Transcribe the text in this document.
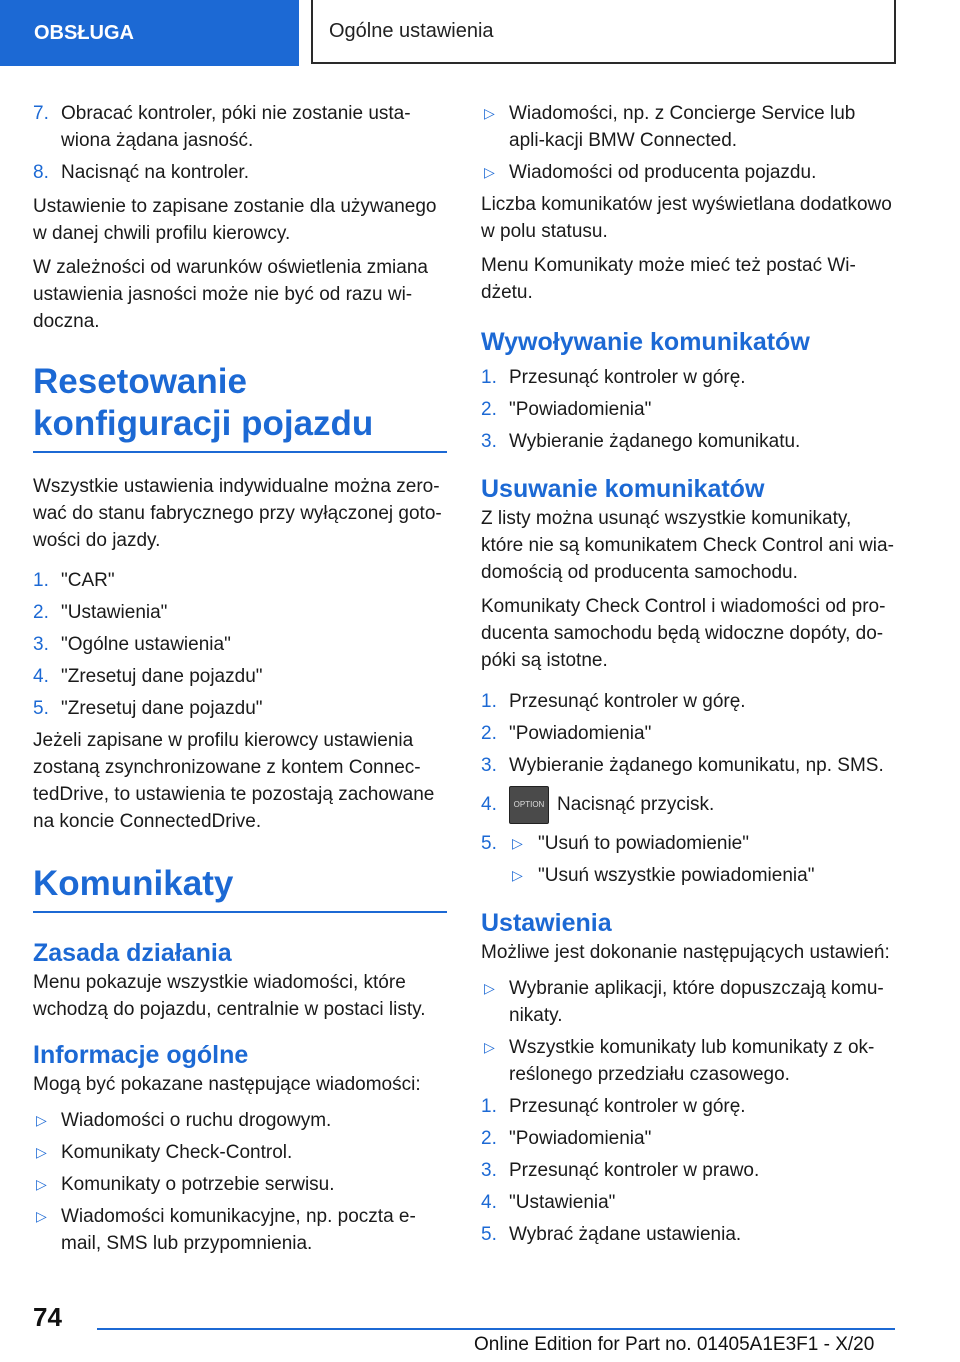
OBSŁUGA	Ogólne ustawienia
7. Obracać kontroler, póki nie zostanie usta-wiona żądana jasność.
8. Nacisnąć na kontroler.

Ustawienie to zapisane zostanie dla używanego w danej chwili profilu kierowcy.

W zależności od warunków oświetlenia zmiana ustawienia jasności może nie być od razu wi-doczna.

Resetowanie konfiguracji pojazdu

Wszystkie ustawienia indywidualne można zero-wać do stanu fabrycznego przy wyłączonej goto-wości do jazdy.

1. "CAR"
2. "Ustawienia"
3. "Ogólne ustawienia"
4. "Zresetuj dane pojazdu"
5. "Zresetuj dane pojazdu"

Jeżeli zapisane w profilu kierowcy ustawienia zostaną zsynchronizowane z kontem Connec-tedDrive, to ustawienia te pozostają zachowane na koncie ConnectedDrive.

Komunikaty
Zasada działania

Menu pokazuje wszystkie wiadomości, które wchodzą do pojazdu, centralnie w postaci listy.

Informacje ogólne

Mogą być pokazane następujące wiadomości:

▷ Wiadomości o ruchu drogowym.
▷ Komunikaty Check-Control.
▷ Komunikaty o potrzebie serwisu.
▷ Wiadomości komunikacyjne, np. poczta e-mail, SMS lub przypomnienia.
▷ Wiadomości, np. z Concierge Service lub apli-kacji BMW Connected.
▷ Wiadomości od producenta pojazdu.

Liczba komunikatów jest wyświetlana dodatkowo w polu statusu.

Menu Komunikaty może mieć też postać Wi-dżetu.

Wywoływanie komunikatów
1. Przesunąć kontroler w górę.
2. "Powiadomienia"
3. Wybieranie żądanego komunikatu.
Usuwanie komunikatów

Z listy można usunąć wszystkie komunikaty, które nie są komunikatem Check Control ani wia-domością od producenta samochodu.

Komunikaty Check Control i wiadomości od pro-ducenta samochodu będą widoczne dopóty, do-póki są istotne.

1. Przesunąć kontroler w górę.
2. "Powiadomienia"
3. Wybieranie żądanego komunikatu, np. SMS.
4. OPTION Nacisnąć przycisk.
5. ▷ "Usuń to powiadomienie"
▷ "Usuń wszystkie powiadomienia"
Ustawienia

Możliwe jest dokonanie następujących ustawień:

▷ Wybranie aplikacji, które dopuszczają komu-nikaty.
▷ Wszystkie komunikaty lub komunikaty z ok-reślonego przedziału czasowego.
1. Przesunąć kontroler w górę.
2. "Powiadomienia"
3. Przesunąć kontroler w prawo.
4. "Ustawienia"
5. Wybrać żądane ustawienia.
74
Online Edition for Part no. 01405A1E3F1 - X/20
